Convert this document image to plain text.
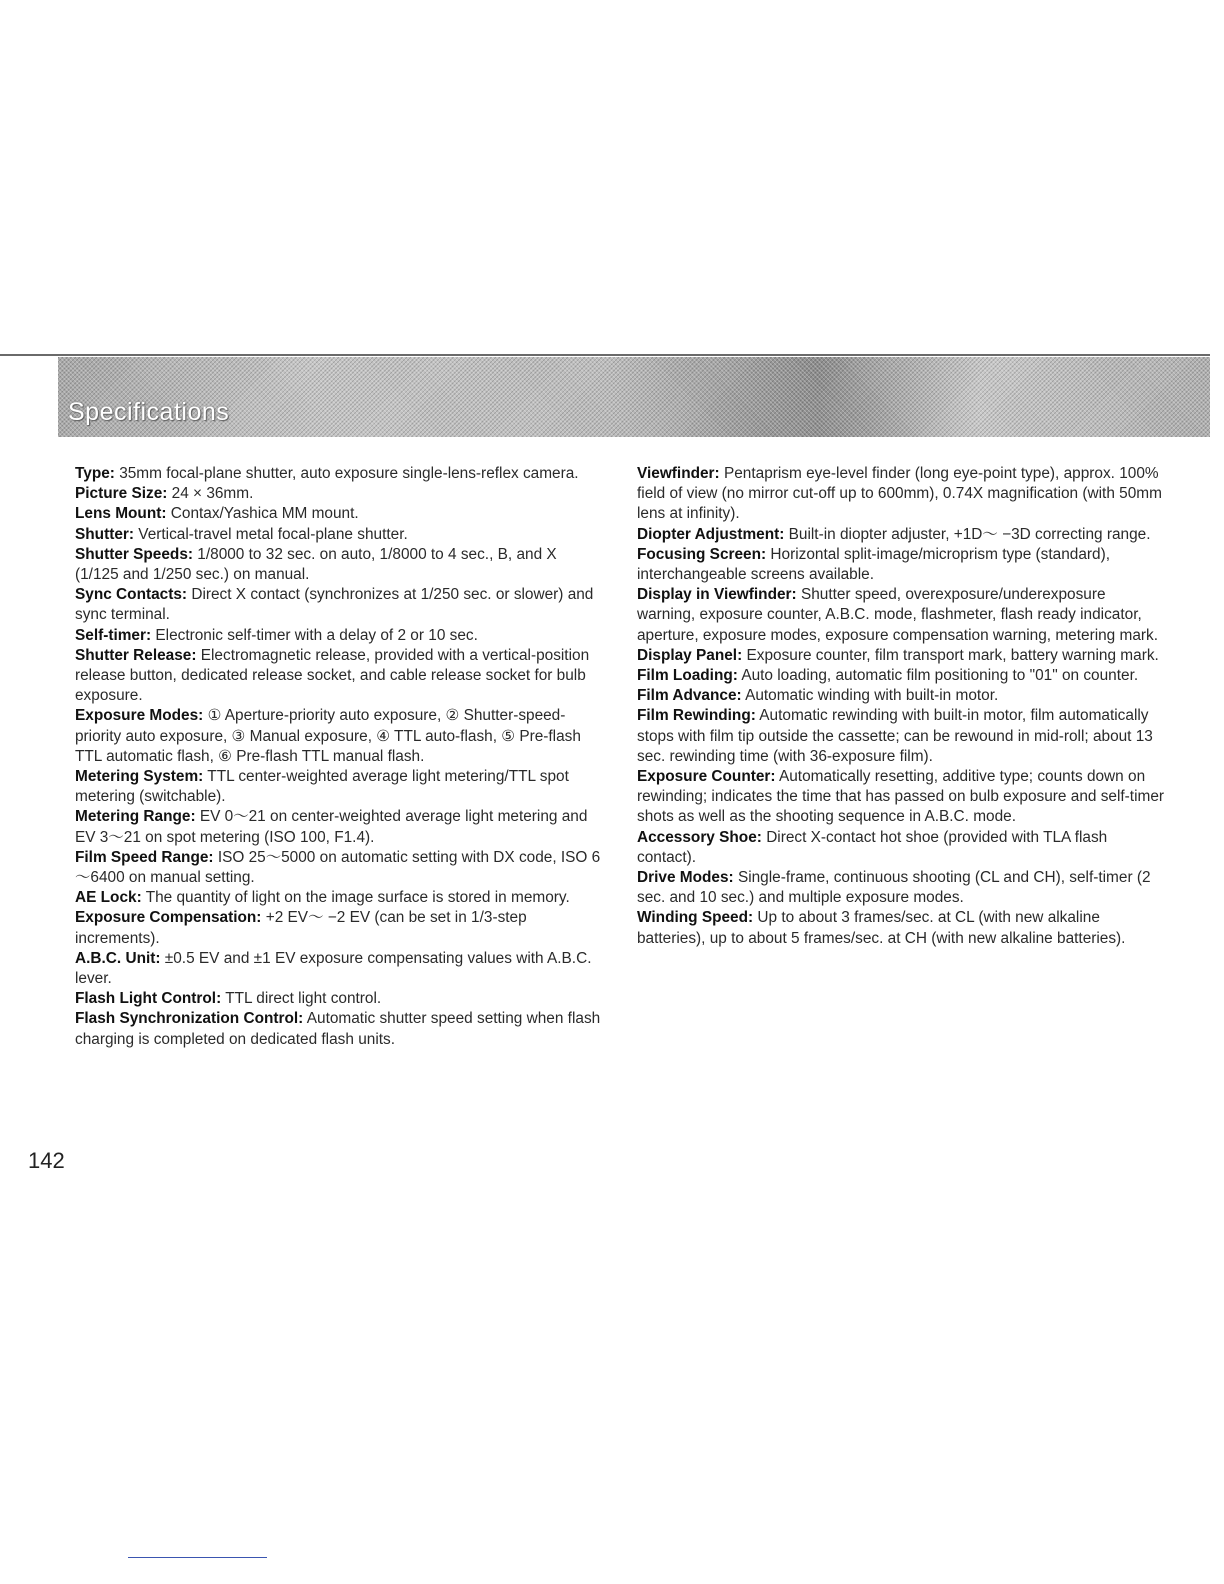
Specifications

Type: 35mm focal-plane shutter, auto exposure single-lens-reflex camera.

Picture Size: 24 × 36mm.

Lens Mount: Contax/Yashica MM mount.

Shutter: Vertical-travel metal focal-plane shutter.

Shutter Speeds: 1/8000 to 32 sec. on auto, 1/8000 to 4 sec., B, and X (1/125 and 1/250 sec.) on manual.

Sync Contacts: Direct X contact (synchronizes at 1/250 sec. or slower) and sync terminal.

Self-timer: Electronic self-timer with a delay of 2 or 10 sec.

Shutter Release: Electromagnetic release, provided with a vertical-position release button, dedicated release socket, and cable release socket for bulb exposure.

Exposure Modes: ① Aperture-priority auto exposure, ② Shutter-speed-priority auto exposure, ③ Manual exposure, ④ TTL auto-flash, ⑤ Pre-flash TTL automatic flash, ⑥ Pre-flash TTL manual flash.

Metering System: TTL center-weighted average light metering/TTL spot metering (switchable).

Metering Range: EV 0～21 on center-weighted average light metering and EV 3～21 on spot metering (ISO 100, F1.4).

Film Speed Range: ISO 25～5000 on automatic setting with DX code, ISO 6～6400 on manual setting.

AE Lock: The quantity of light on the image surface is stored in memory.

Exposure Compensation: +2 EV～ −2 EV (can be set in 1/3-step increments).

A.B.C. Unit: ±0.5 EV and ±1 EV exposure compensating values with A.B.C. lever.

Flash Light Control: TTL direct light control.

Flash Synchronization Control: Automatic shutter speed setting when flash charging is completed on dedicated flash units.

Viewfinder: Pentaprism eye-level finder (long eye-point type), approx. 100% field of view (no mirror cut-off up to 600mm), 0.74X magnification (with 50mm lens at infinity).

Diopter Adjustment: Built-in diopter adjuster, +1D～ −3D correcting range.

Focusing Screen: Horizontal split-image/microprism type (standard), interchangeable screens available.

Display in Viewfinder: Shutter speed, overexposure/underexposure warning, exposure counter, A.B.C. mode, flashmeter, flash ready indicator, aperture, exposure modes, exposure compensation warning, metering mark.

Display Panel: Exposure counter, film transport mark, battery warning mark.

Film Loading: Auto loading, automatic film positioning to "01" on counter.

Film Advance: Automatic winding with built-in motor.

Film Rewinding: Automatic rewinding with built-in motor, film automatically stops with film tip outside the cassette; can be rewound in mid-roll; about 13 sec. rewinding time (with 36-exposure film).

Exposure Counter: Automatically resetting, additive type; counts down on rewinding; indicates the time that has passed on bulb exposure and self-timer shots as well as the shooting sequence in A.B.C. mode.

Accessory Shoe: Direct X-contact hot shoe (provided with TLA flash contact).

Drive Modes: Single-frame, continuous shooting (CL and CH), self-timer (2 sec. and 10 sec.) and multiple exposure modes.

Winding Speed: Up to about 3 frames/sec. at CL (with new alkaline batteries), up to about 5 frames/sec. at CH (with new alkaline batteries).

142
